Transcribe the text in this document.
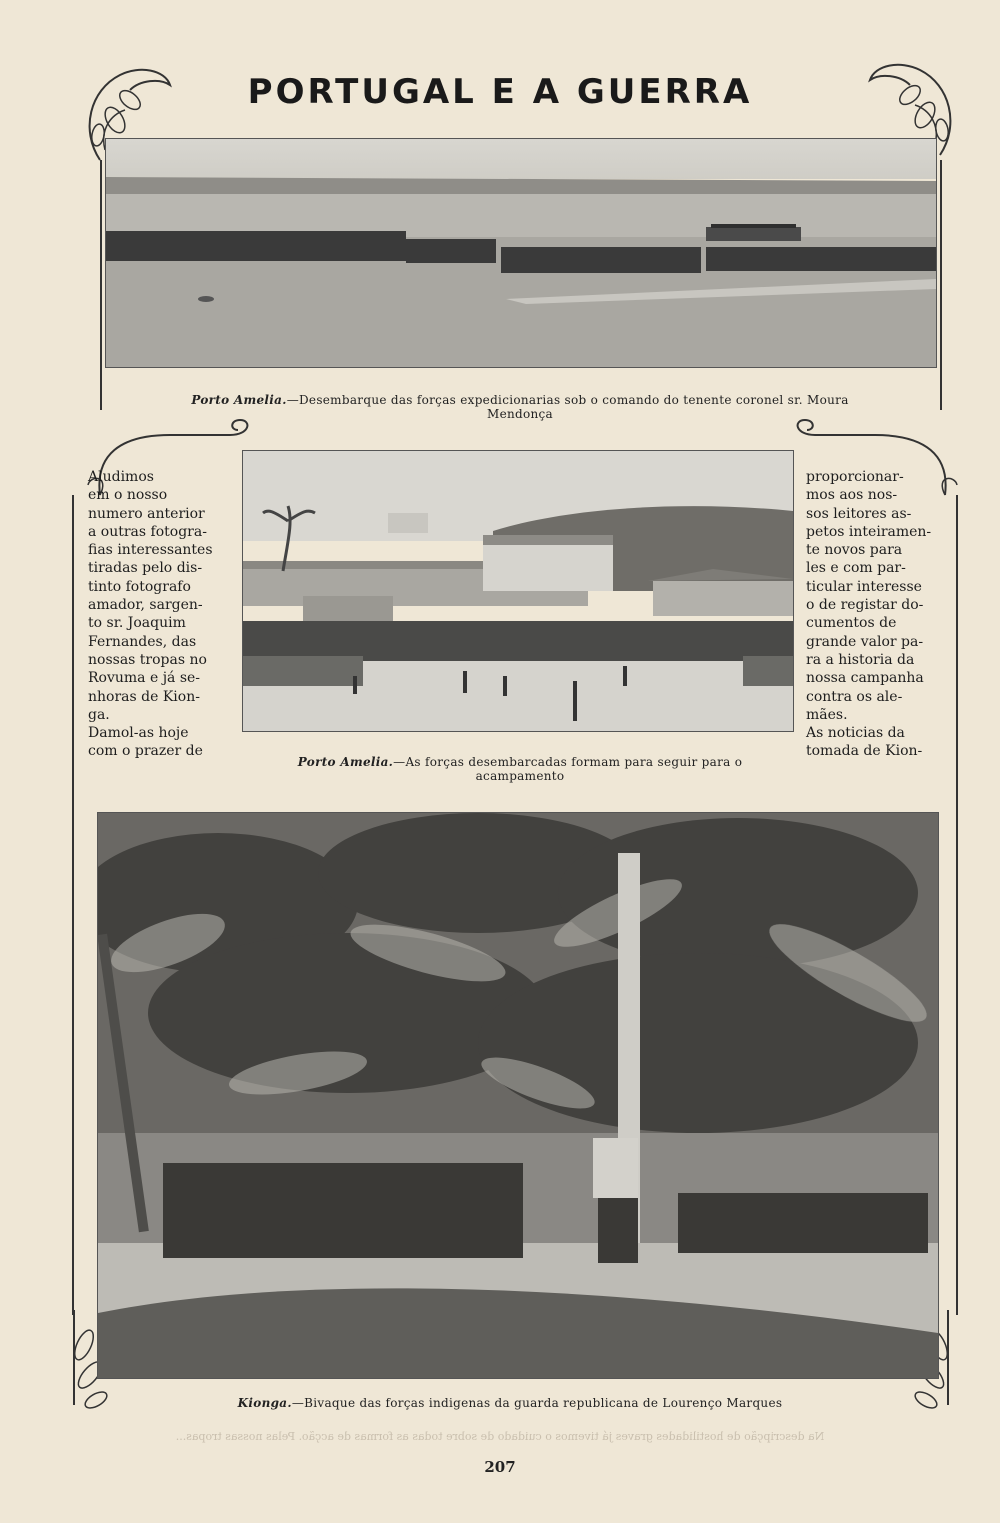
PORTUGAL E A GUERRA
Porto Amelia.—Desembarque das forças expedicionarias sob o comando do tenente coronel sr. Moura Mendonça

Aludimos
em o nosso
numero anterior
a outras fotogra-
fias interessantes
tiradas pelo dis-
tinto fotografo
amador, sargen-
to sr. Joaquim
Fernandes, das
nossas tropas no
Rovuma e já se-
nhoras de Kion-
ga.
Damol-as hoje
com o prazer de

Porto Amelia.—As forças desembarcadas formam para seguir para o acampamento

proporcionar-
mos aos nos-
sos leitores as-
petos inteiramen-
te novos para
les e com par-
ticular interesse
o de registar do-
cumentos de
grande valor pa-
ra a historia da
nossa campanha
contra os ale-
mães.
As noticias da
tomada de Kion-

Kionga.—Bivaque das forças indigenas da guarda republicana de Lourenço Marques
Na descripção de hostilidades graves já tivemos o cuidado de sobre todas as formas de acção. Pelas nossas tropas...
207
